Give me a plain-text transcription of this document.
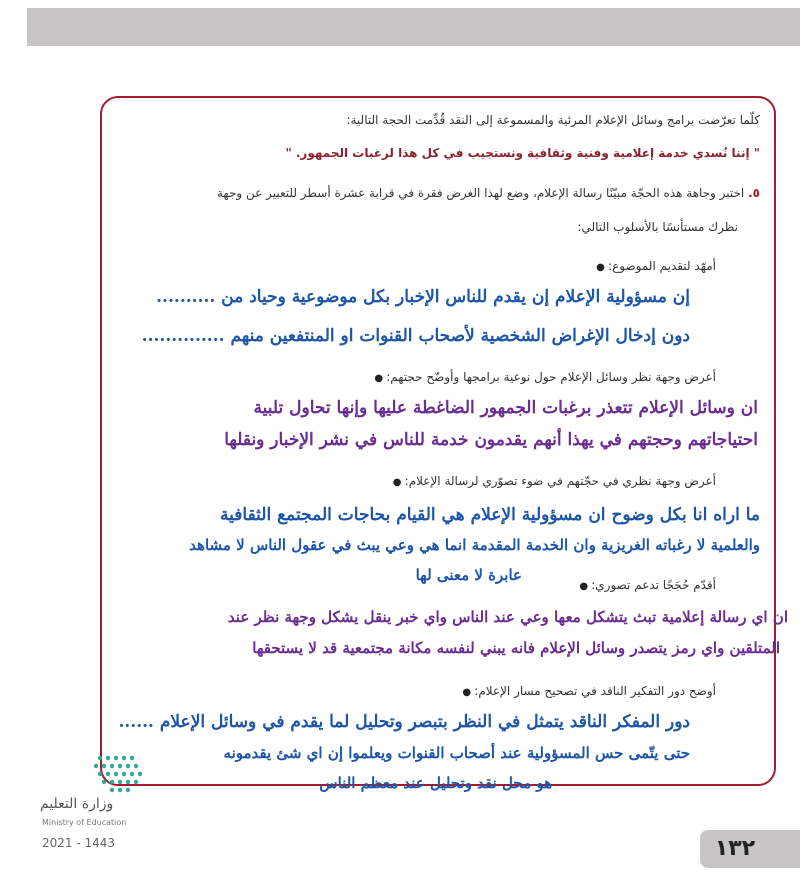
كلّما تعرّضت برامج وسائل الإعلام المرئية والمسموعة إلى النقد قُدِّمت الحجة التالية:
" إننا نُسدي خدمة إعلامية وفنية وثقافية ونستجيب في كل هذا لرغبات الجمهور. "
٥. اختبر وجاهة هذه الحجّة مبيّنًا رسالة الإعلام، وضع لهذا الغرض فقرة في قرابة عشرة أسطر للتعبير عن وجهة
نظرك مستأنسًا بالأسلوب التالي:
أمهّد لتقديم الموضوع: ●
إن مسؤولية الإعلام إن يقدم للناس الإخبار بكل موضوعية وحياد من ..........
دون إدخال الإغراض الشخصية لأصحاب القنوات او المنتفعين منهم ..............
أعرض وجهة نظر وسائل الإعلام حول نوعية برامجها وأوضّح حجتهم: ●
ان وسائل الإعلام تتعذر برغبات الجمهور الضاغطة عليها وإنها تحاول تلبية
احتياجاتهم وحجتهم في يهذا أنهم يقدمون خدمة للناس في نشر الإخبار ونقلها
أعرض وجهة نظري في حجّتهم في ضوء تصوّري لرسالة الإعلام: ●
ما اراه انا بكل وضوح ان مسؤولية الإعلام هي القيام بحاجات المجتمع الثقافية
والعلمية لا رغباته الغريزية وان الخدمة المقدمة انما هي وعي يبث في عقول الناس لا مشاهد
عابرة لا معنى لها
أقدّم حُجَجًا تدعم تصوري: ●
ان اي رسالة إعلامية تبث يتشكل معها وعي عند الناس واي خبر ينقل يشكل وجهة نظر عند
المتلقين واي رمز يتصدر وسائل الإعلام فانه يبني لنفسه مكانة مجتمعية قد لا يستحقها
أوضح دور التفكير الناقد في تصحيح مسار الإعلام: ●
دور المفكر الناقد يتمثل في النظر بتبصر وتحليل لما يقدم في وسائل الإعلام ......
حتى يتّمى حس المسؤولية عند أصحاب القنوات ويعلموا إن اي شئ يقدمونه
هو محل نقد وتحليل عند معظم الناس
وزارة التعليم
Ministry of Education
2021 - 1443	١٣٢
